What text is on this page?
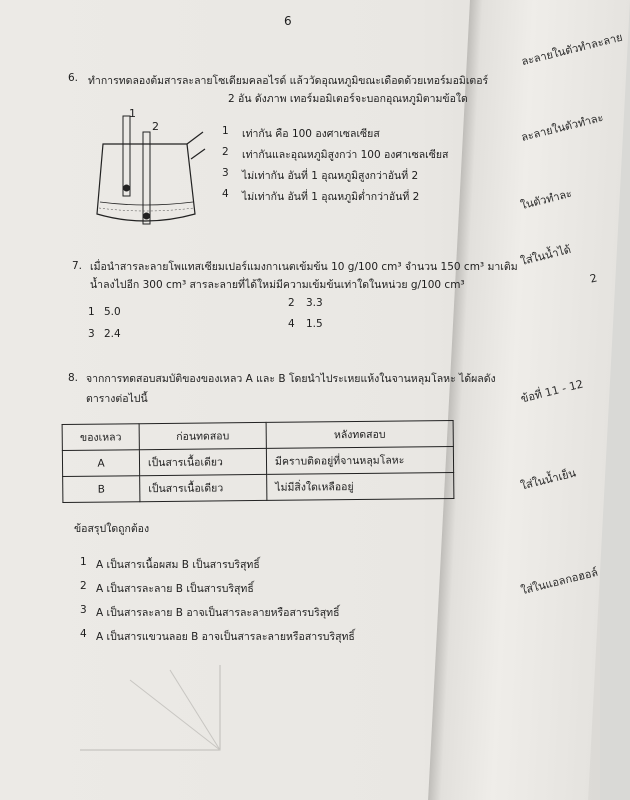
ละลายในตัวทำละลาย
ละลายในตัวทำละ
ในตัวทำละ
ใส่ในน้ำได้
2
ข้อที่ 11 - 12
ใส่ในน้ำเย็น
ใส่ในแอลกอฮอล์
6
6. ทำการทดลองต้มสารละลายโซเดียมคลอไรด์ แล้ววัดอุณหภูมิขณะเดือดด้วยเทอร์มอมิเตอร์
2 อัน ดังภาพ เทอร์มอมิเตอร์จะบอกอุณหภูมิตามข้อใด
1
2	1 เท่ากัน คือ 100 องศาเซลเซียส
2 เท่ากันและอุณหภูมิสูงกว่า 100 องศาเซลเซียส
3 ไม่เท่ากัน อันที่ 1 อุณหภูมิสูงกว่าอันที่ 2
4 ไม่เท่ากัน อันที่ 1 อุณหภูมิต่ำกว่าอันที่ 2
7. เมื่อนำสารละลายโพแทสเซียมเปอร์แมงกาเนตเข้มข้น 10 g/100 cm³ จำนวน 150 cm³ มาเติม
น้ำลงไปอีก 300 cm³ สารละลายที่ได้ใหม่มีความเข้มข้นเท่าใดในหน่วย g/100 cm³
1 5.0
2 3.3
3 2.4
4 1.5
8. จากการทดสอบสมบัติของของเหลว A และ B โดยนำไประเหยแห้งในจานหลุมโลหะ ได้ผลดัง
ตารางต่อไปนี้
ของเหลว	ก่อนทดสอบ	หลังทดสอบ
A	เป็นสารเนื้อเดียว	มีคราบติดอยู่ที่จานหลุมโลหะ
B	เป็นสารเนื้อเดียว	ไม่มีสิ่งใดเหลืออยู่
ข้อสรุปใดถูกต้อง
1 A เป็นสารเนื้อผสม B เป็นสารบริสุทธิ์
2 A เป็นสารละลาย B เป็นสารบริสุทธิ์
3 A เป็นสารละลาย B อาจเป็นสารละลายหรือสารบริสุทธิ์
4 A เป็นสารแขวนลอย B อาจเป็นสารละลายหรือสารบริสุทธิ์
